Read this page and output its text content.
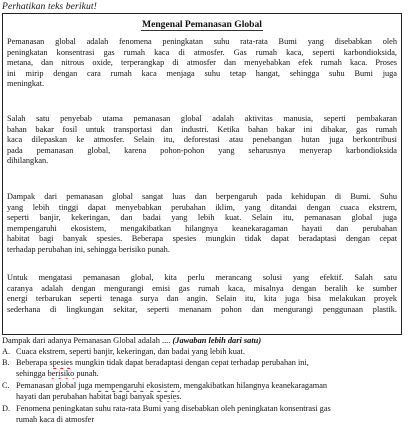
Perhatikan teks berikut!
Mengenal Pemanasan Global
Pemanasan global adalah fenomena peningkatan suhu rata-rata Bumi yang disebabkan oleh
peningkatan konsentrasi gas rumah kaca di atmosfer. Gas rumah kaca, seperti karbondioksida,
metana, dan nitrous oxide, terperangkap di atmosfer dan menyebabkan efek rumah kaca. Proses
ini mirip dengan cara rumah kaca menjaga suhu tetap hangat, sehingga suhu Bumi juga
meningkat.
Salah satu penyebab utama pemanasan global adalah aktivitas manusia, seperti pembakaran
bahan bakar fosil untuk transportasi dan industri. Ketika bahan bakar ini dibakar, gas rumah
kaca dilepaskan ke atmosfer. Selain itu, deforestasi atau penebangan hutan juga berkontribusi
pada pemanasan global, karena pohon-pohon yang seharusnya menyerap karbondioksida
dihilangkan.
Dampak dari pemanasan global sangat luas dan berpengaruh pada kehidupan di Bumi. Suhu
yang lebih tinggi dapat menyebabkan perubahan iklim, yang ditandai dengan cuaca ekstrem,
seperti banjir, kekeringan, dan badai yang lebih kuat. Selain itu, pemanasan global juga
mempengaruhi ekosistem, mengakibatkan hilangnya keanekaragaman hayati dan perubahan
habitat bagi banyak spesies. Beberapa spesies mungkin tidak dapat beradaptasi dengan cepat
terhadap perubahan ini, sehingga berisiko punah.
Untuk mengatasi pemanasan global, kita perlu merancang solusi yang efektif. Salah satu
caranya adalah dengan mengurangi emisi gas rumah kaca, misalnya dengan beralih ke sumber
energi terbarukan seperti tenaga surya dan angin. Selain itu, kita juga bisa melakukan proyek
sederhana di lingkungan sekitar, seperti menanam pohon dan mengurangi penggunaan plastik.
Dampak dari adanya Pemanasan Global adalah .... (Jawaban lebih dari satu)
A. Cuaca ekstrem, seperti banjir, kekeringan, dan badai yang lebih kuat.
B. Beberapa spesies mungkin tidak dapat beradaptasi dengan cepat terhadap perubahan ini,
sehingga berisiko punah.
C. Pemanasan global juga mempengaruhi ekosistem, mengakibatkan hilangnya keanekaragaman
hayati dan perubahan habitat bagi banyak spesies.
D. Fenomena peningkatan suhu rata-rata Bumi yang disebabkan oleh peningkatan konsentrasi gas
rumah kaca di atmosfer
